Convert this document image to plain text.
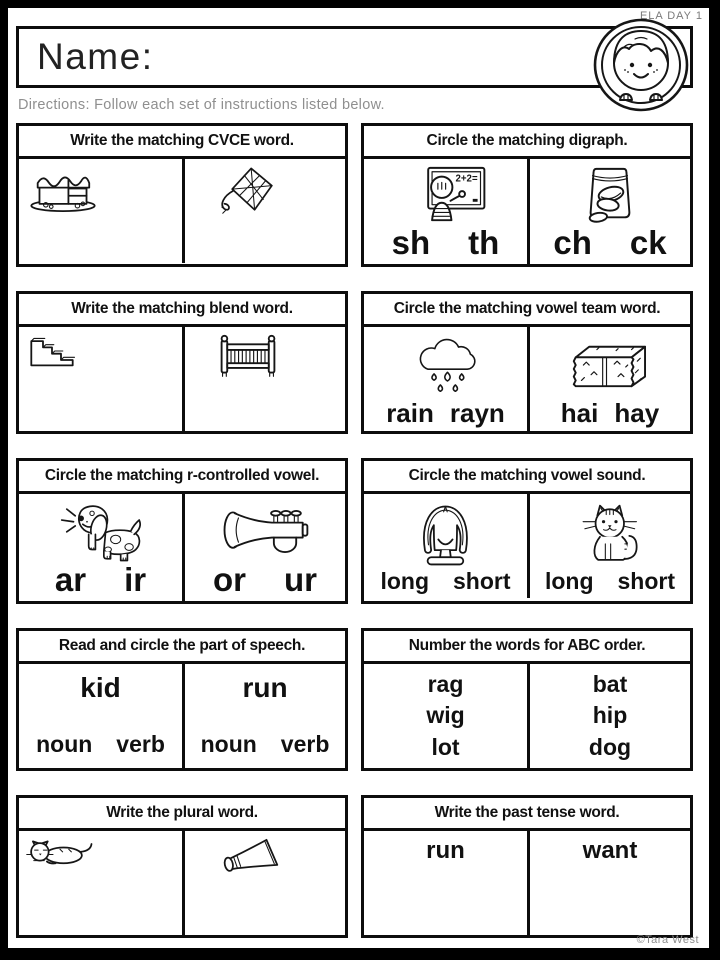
ELA DAY 1
Name:
Directions: Follow each set of instructions listed below.
Write the matching CVCE word.	Circle the matching digraph.
2+2=
sh th ch ck
Write the matching blend word.	Circle the matching vowel team word.
rain rayn hai hay
Circle the matching r-controlled vowel.
ar ir or ur
Circle the matching vowel sound.
long short long short
Read and circle the part of speech.
kid
noun verb
run
noun verb
Number the words for ABC order.
rag
wig
lot
bat
hip
dog
Write the plural word.	Write the past tense word.
run	want
©Tara West
